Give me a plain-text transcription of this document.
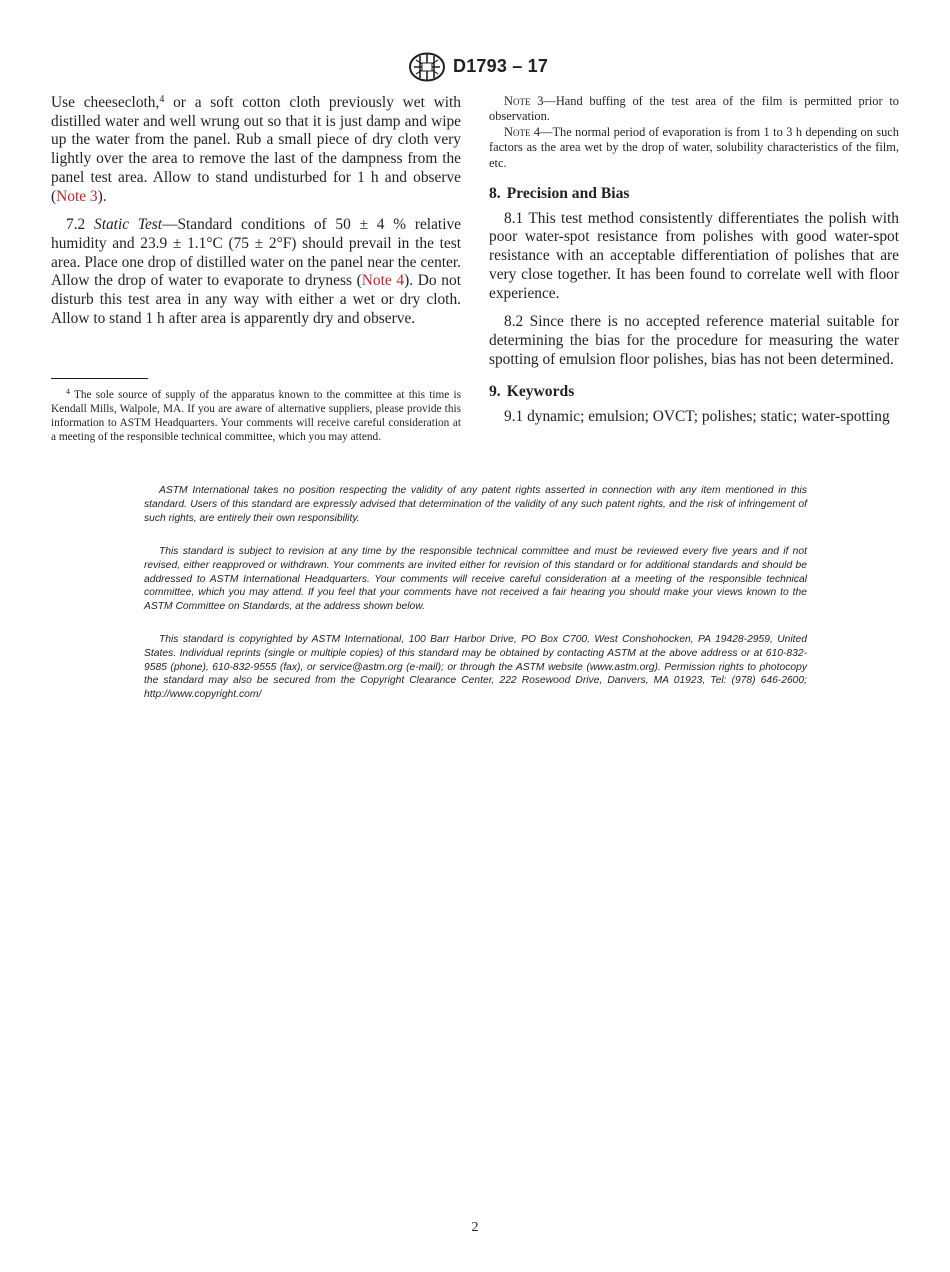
D1793 – 17

Use cheesecloth,$^4$ or a soft cotton cloth previously wet with distilled water and well wrung out so that it is just damp and wipe up the water from the panel. Rub a small piece of dry cloth very lightly over the area to remove the last of the dampness from the panel test area. Allow to stand undisturbed for 1 h and observe (Note 3).

7.2 Static Test—Standard conditions of 50 ± 4 % relative humidity and 23.9 ± 1.1°C (75 ± 2°F) should prevail in the test area. Place one drop of distilled water on the panel near the center. Allow the drop of water to evaporate to dryness (Note 4). Do not disturb this test area in any way with either a wet or dry cloth. Allow to stand 1 h after area is apparently dry and observe.

$^4$ The sole source of supply of the apparatus known to the committee at this time is Kendall Mills, Walpole, MA. If you are aware of alternative suppliers, please provide this information to ASTM Headquarters. Your comments will receive careful consideration at a meeting of the responsible technical committee, which you may attend.

Note 3—Hand buffing of the test area of the film is permitted prior to observation.

Note 4—The normal period of evaporation is from 1 to 3 h depending on such factors as the area wet by the drop of water, solubility characteristics of the film, etc.

8. Precision and Bias

8.1 This test method consistently differentiates the polish with poor water-spot resistance from polishes with good water-spot resistance with an acceptable differentiation of polishes that are very close together. It has been found to correlate well with floor experience.

8.2 Since there is no accepted reference material suitable for determining the bias for the procedure for measuring the water spotting of emulsion floor polishes, bias has not been determined.

9. Keywords

9.1 dynamic; emulsion; OVCT; polishes; static; water-spotting

ASTM International takes no position respecting the validity of any patent rights asserted in connection with any item mentioned in this standard. Users of this standard are expressly advised that determination of the validity of any such patent rights, and the risk of infringement of such rights, are entirely their own responsibility.

This standard is subject to revision at any time by the responsible technical committee and must be reviewed every five years and if not revised, either reapproved or withdrawn. Your comments are invited either for revision of this standard or for additional standards and should be addressed to ASTM International Headquarters. Your comments will receive careful consideration at a meeting of the responsible technical committee, which you may attend. If you feel that your comments have not received a fair hearing you should make your views known to the ASTM Committee on Standards, at the address shown below.

This standard is copyrighted by ASTM International, 100 Barr Harbor Drive, PO Box C700, West Conshohocken, PA 19428-2959, United States. Individual reprints (single or multiple copies) of this standard may be obtained by contacting ASTM at the above address or at 610-832-9585 (phone), 610-832-9555 (fax), or service@astm.org (e-mail); or through the ASTM website (www.astm.org). Permission rights to photocopy the standard may also be secured from the Copyright Clearance Center, 222 Rosewood Drive, Danvers, MA 01923, Tel: (978) 646-2600; http://www.copyright.com/

2
